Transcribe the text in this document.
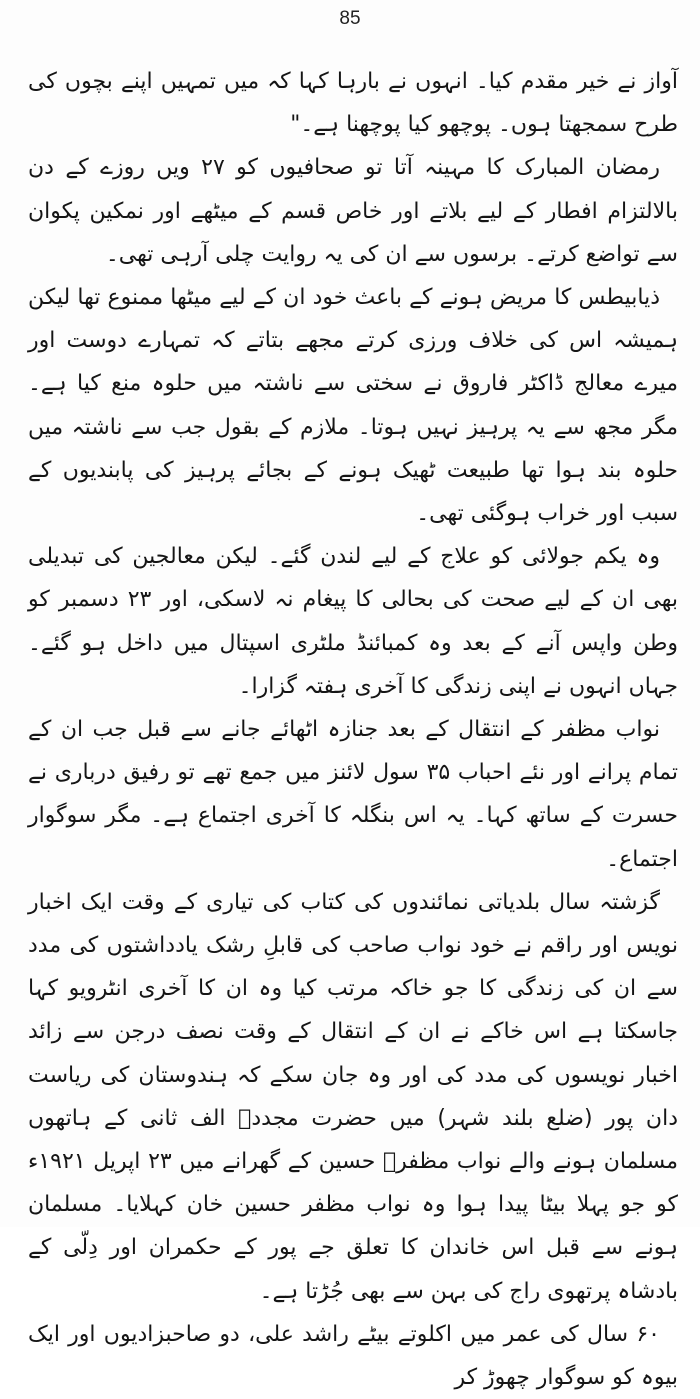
85

آواز نے خیر مقدم کیا۔ انہوں نے بارہا کہا کہ میں تمہیں اپنے بچوں کی طرح سمجھتا ہوں۔ پوچھو کیا پوچھنا ہے۔"

رمضان المبارک کا مہینہ آتا تو صحافیوں کو ۲۷ ویں روزے کے دن بالالتزام افطار کے لیے بلاتے اور خاص قسم کے میٹھے اور نمکین پکوان سے تواضع کرتے۔ برسوں سے ان کی یہ روایت چلی آرہی تھی۔

ذیابیطس کا مریض ہونے کے باعث خود ان کے لیے میٹھا ممنوع تھا لیکن ہمیشہ اس کی خلاف ورزی کرتے مجھے بتاتے کہ تمہارے دوست اور میرے معالج ڈاکٹر فاروق نے سختی سے ناشتہ میں حلوہ منع کیا ہے۔ مگر مجھ سے یہ پرہیز نہیں ہوتا۔ ملازم کے بقول جب سے ناشتہ میں حلوہ بند ہوا تھا طبیعت ٹھیک ہونے کے بجائے پرہیز کی پابندیوں کے سبب اور خراب ہوگئی تھی۔

وہ یکم جولائی کو علاج کے لیے لندن گئے۔ لیکن معالجین کی تبدیلی بھی ان کے لیے صحت کی بحالی کا پیغام نہ لاسکی، اور ۲۳ دسمبر کو وطن واپس آنے کے بعد وہ کمبائنڈ ملٹری اسپتال میں داخل ہو گئے۔ جہاں انہوں نے اپنی زندگی کا آخری ہفتہ گزارا۔

نواب مظفر کے انتقال کے بعد جنازہ اٹھائے جانے سے قبل جب ان کے تمام پرانے اور نئے احباب ۳۵ سول لائنز میں جمع تھے تو رفیق درباری نے حسرت کے ساتھ کہا۔ یہ اس بنگلہ کا آخری اجتماع ہے۔ مگر سوگوار اجتماع۔

گزشتہ سال بلدیاتی نمائندوں کی کتاب کی تیاری کے وقت ایک اخبار نویس اور راقم نے خود نواب صاحب کی قابلِ رشک یادداشتوں کی مدد سے ان کی زندگی کا جو خاکہ مرتب کیا وہ ان کا آخری انٹرویو کہا جاسکتا ہے اس خاکے نے ان کے انتقال کے وقت نصف درجن سے زائد اخبار نویسوں کی مدد کی اور وہ جان سکے کہ ہندوستان کی ریاست دان پور (ضلع بلند شہر) میں حضرت مجددؒ الف ثانی کے ہاتھوں مسلمان ہونے والے نواب مظفرؒ حسین کے گھرانے میں ۲۳ اپریل ۱۹۲۱ء کو جو پہلا بیٹا پیدا ہوا وہ نواب مظفر حسین خان کہلایا۔ مسلمان ہونے سے قبل اس خاندان کا تعلق جے پور کے حکمران اور دِلّی کے بادشاہ پرتھوی راج کی بہن سے بھی جُڑتا ہے۔

۶۰ سال کی عمر میں اکلوتے بیٹے راشد علی، دو صاحبزادیوں اور ایک بیوہ کو سوگوار چھوڑ کر
